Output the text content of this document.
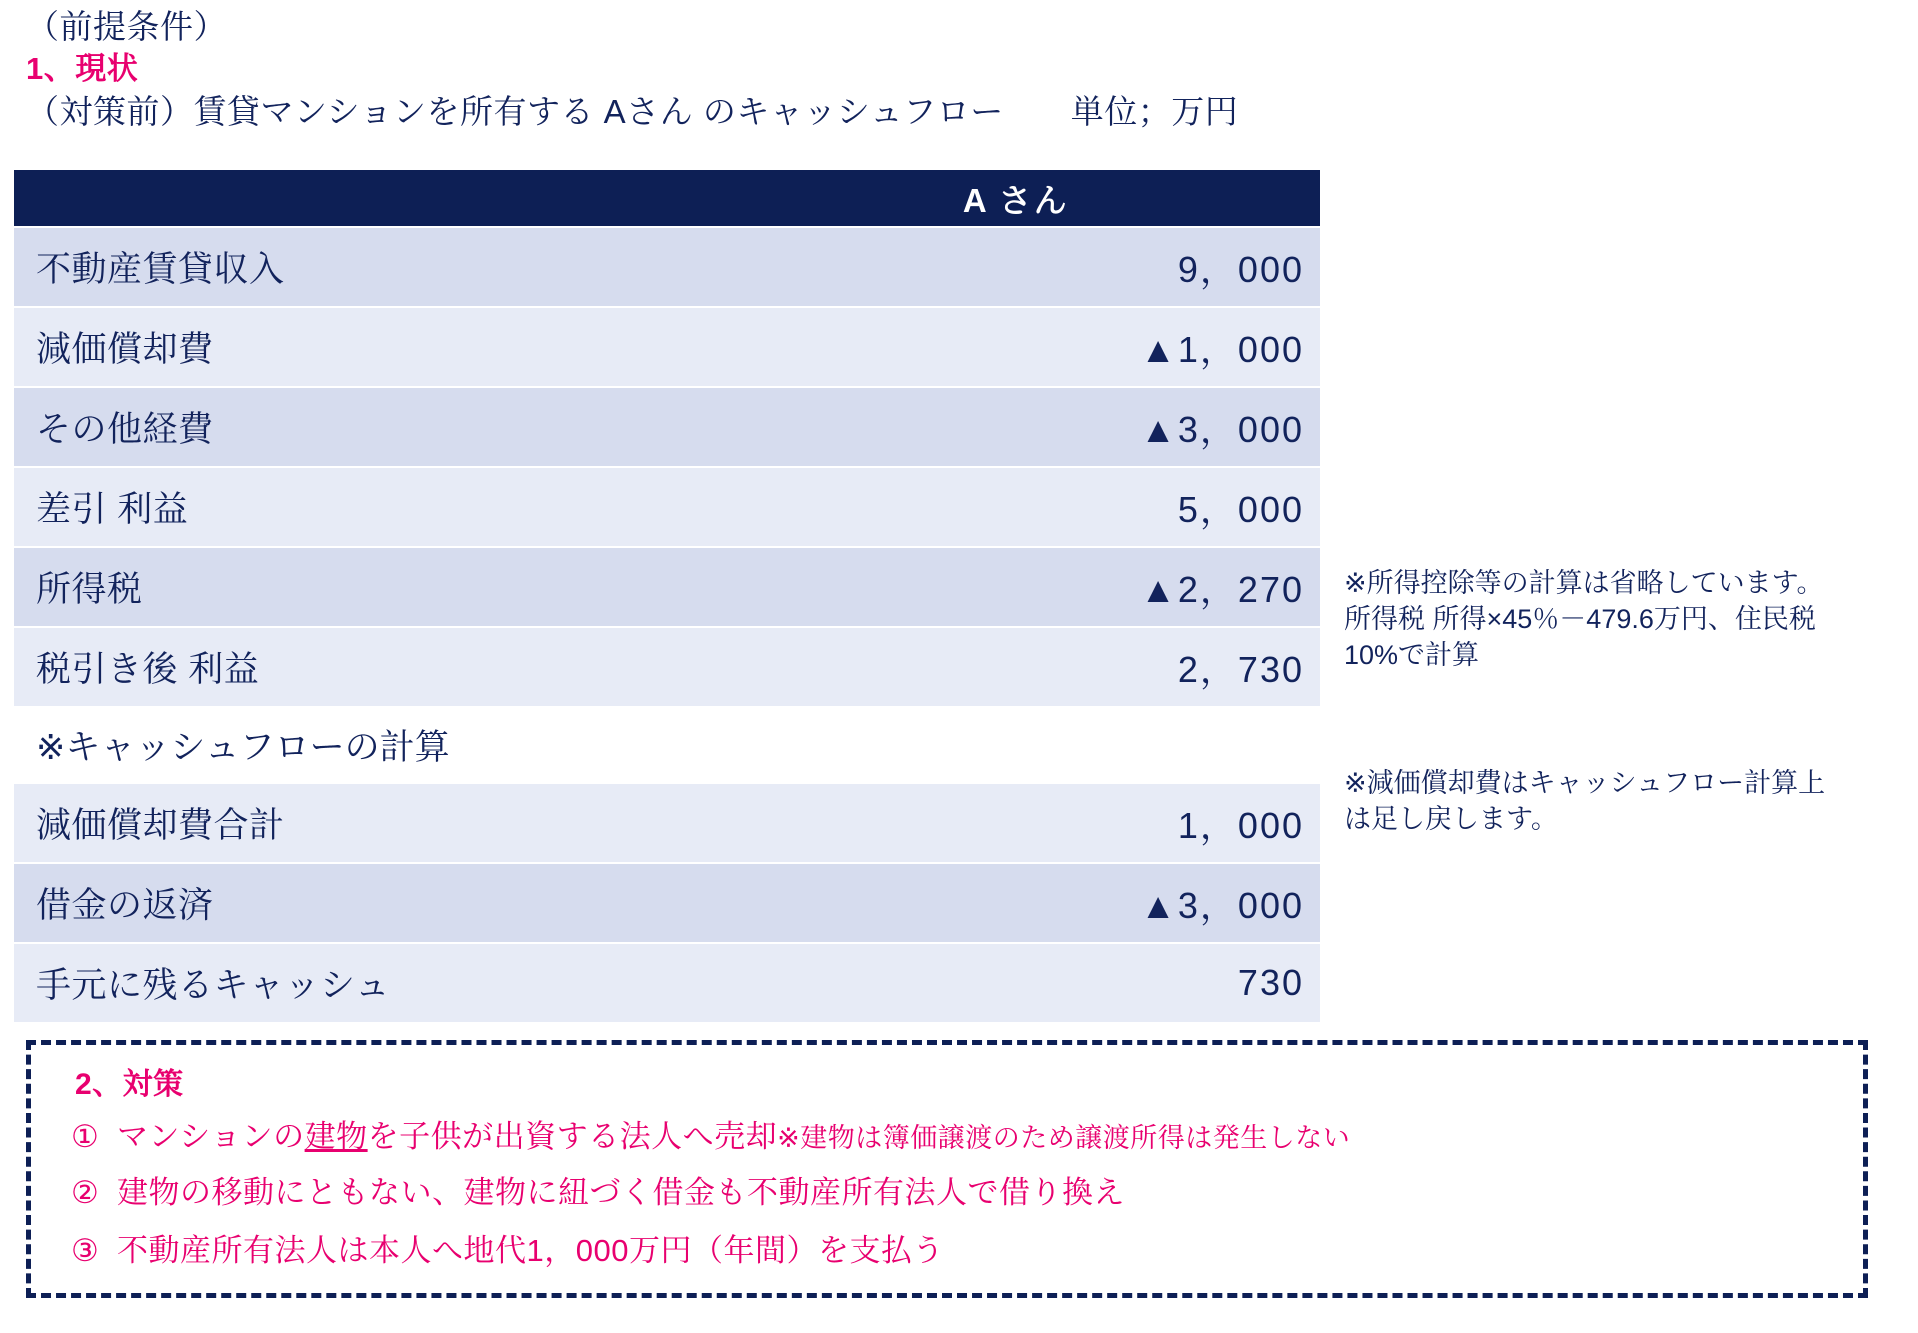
（前提条件）
1、現状
（対策前）賃貸マンションを所有する Aさん のキャッシュフロー　　単位；万円
	A さん
不動産賃貸収入	9，000
減価償却費	▲1，000
その他経費	▲3，000
差引 利益	5，000
所得税	▲2，270
税引き後 利益	2，730
※キャッシュフローの計算	
減価償却費合計	1，000
借金の返済	▲3，000
手元に残るキャッシュ	730
※所得控除等の計算は省略しています。 所得税 所得×45％－479.6万円、住民税10%で計算
※減価償却費はキャッシュフロー計算上は足し戻します。
2、対策
① マンションの建物を子供が出資する法人へ売却※建物は簿価譲渡のため譲渡所得は発生しない
② 建物の移動にともない、建物に紐づく借金も不動産所有法人で借り換え
③ 不動産所有法人は本人へ地代1，000万円（年間）を支払う
